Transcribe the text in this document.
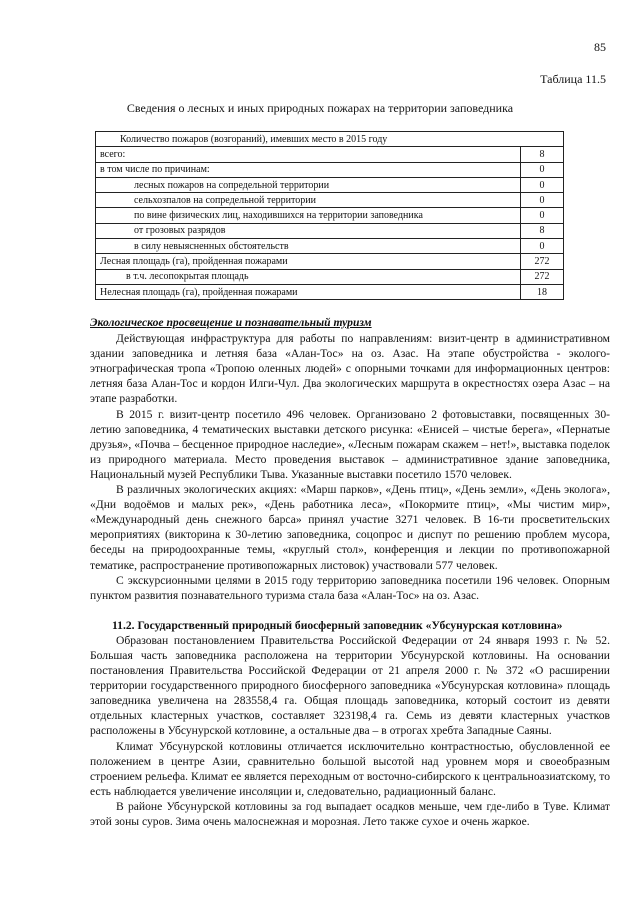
85
Таблица 11.5
Сведения о лесных и иных природных пожарах на территории заповедника
Количество пожаров (возгораний), имевших место в 2015 году	
всего:	8
в том числе по причинам:	0
лесных пожаров на сопредельной территории	0
сельхозпалов на сопредельной территории	0
по вине физических лиц, находившихся на территории заповедника	0
от грозовых разрядов	8
в силу невыясненных обстоятельств	0
Лесная площадь (га), пройденная пожарами	272
в т.ч. лесопокрытая площадь	272
Нелесная площадь (га), пройденная пожарами	18

Экологическое просвещение и познавательный туризм

Действующая инфраструктура для работы по направлениям: визит-центр в административном здании заповедника и летняя база «Алан-Тос» на оз. Азас. На этапе обустройства - эколого-этнографическая тропа «Тропою оленных людей» с опорными точками для информационных центров: летняя база Алан-Тос и кордон Илги-Чул. Два экологических маршрута в окрестностях озера Азас – на этапе разработки.

В 2015 г. визит-центр посетило 496 человек. Организовано 2 фотовыставки, посвященных 30-летию заповедника, 4 тематических выставки детского рисунка: «Енисей – чистые берега», «Пернатые друзья», «Почва – бесценное природное наследие», «Лесным пожарам скажем – нет!», выставка поделок из природного материала. Место проведения выставок – административное здание заповедника, Национальный музей Республики Тыва. Указанные выставки посетило 1570 человек.

В различных экологических акциях: «Марш парков», «День птиц», «День земли», «День эколога», «Дни водоёмов и малых рек», «День работника леса», «Покормите птиц», «Мы чистим мир», «Международный день снежного барса» принял участие 3271 человек. В 16-ти просветительских мероприятиях (викторина к 30-летию заповедника, соцопрос и диспут по решению проблем мусора, беседы на природоохранные темы, «круглый стол», конференция и лекции по противопожарной тематике, распространение противопожарных листовок) участвовали 577 человек.

С экскурсионными целями в 2015 году территорию заповедника посетили 196 человек. Опорным пунктом развития познавательного туризма стала база «Алан-Тос» на оз. Азас.

11.2. Государственный природный биосферный заповедник «Убсунурская котловина»

Образован постановлением Правительства Российской Федерации от 24 января 1993 г. № 52. Большая часть заповедника расположена на территории Убсунурской котловины. На основании постановления Правительства Российской Федерации от 21 апреля 2000 г. № 372 «О расширении территории государственного природного биосферного заповедника «Убсунурская котловина» площадь заповедника увеличена на 283558,4 га. Общая площадь заповедника, который состоит из девяти отдельных кластерных участков, составляет 323198,4 га. Семь из девяти кластерных участков расположены в Убсунурской котловине, а остальные два – в отрогах хребта Западные Саяны.

Климат Убсунурской котловины отличается исключительно контрастностью, обусловленной ее положением в центре Азии, сравнительно большой высотой над уровнем моря и своеобразным строением рельефа. Климат ее является переходным от восточно-сибирского к центральноазиатскому, то есть наблюдается увеличение инсоляции и, следовательно, радиационный баланс.

В районе Убсунурской котловины за год выпадает осадков меньше, чем где-либо в Туве. Климат этой зоны суров. Зима очень малоснежная и морозная. Лето также сухое и очень жаркое.
